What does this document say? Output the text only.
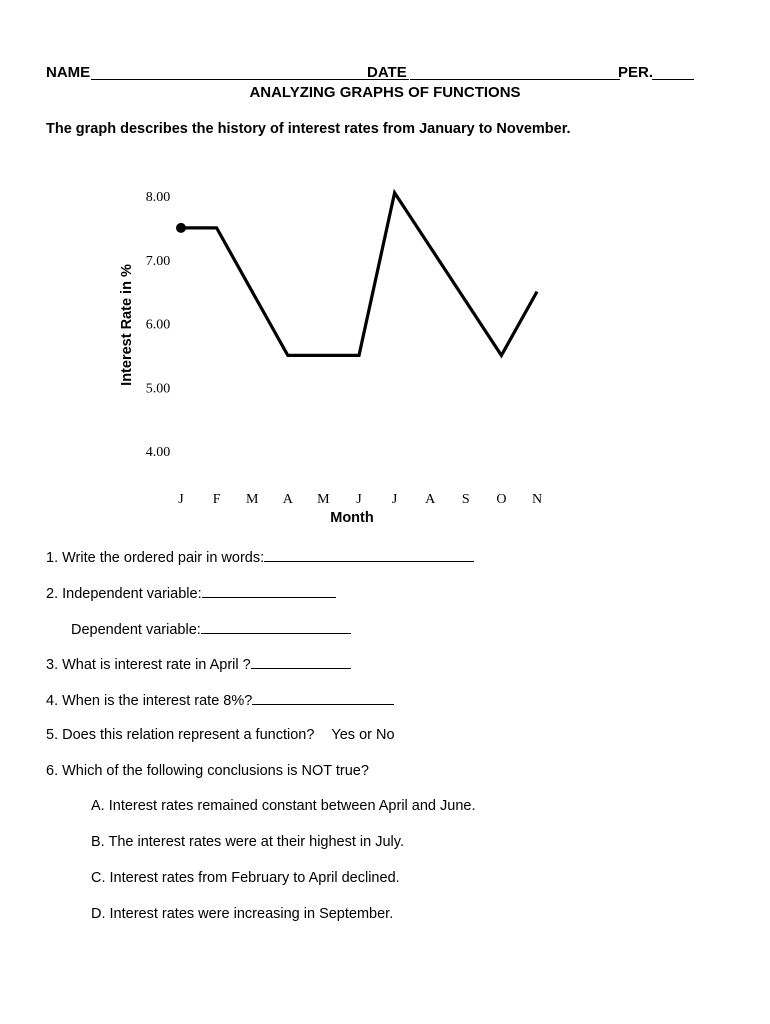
NAME	DATE	PER.
ANALYZING GRAPHS OF FUNCTIONS
The graph describes the history of interest rates from January to November.
8.00
7.00
6.00
5.00
4.00
J F M A M J J A S O N
Month
Interest Rate in %
1. Write the ordered pair in words:
2. Independent variable:
Dependent variable:
3. What is interest rate in April ?
4. When is the interest rate 8%?
5. Does this relation represent a function? Yes or No
6. Which of the following conclusions is NOT true?
A. Interest rates remained constant between April and June.
B. The interest rates were at their highest in July.
C. Interest rates from February to April declined.
D. Interest rates were increasing in September.
